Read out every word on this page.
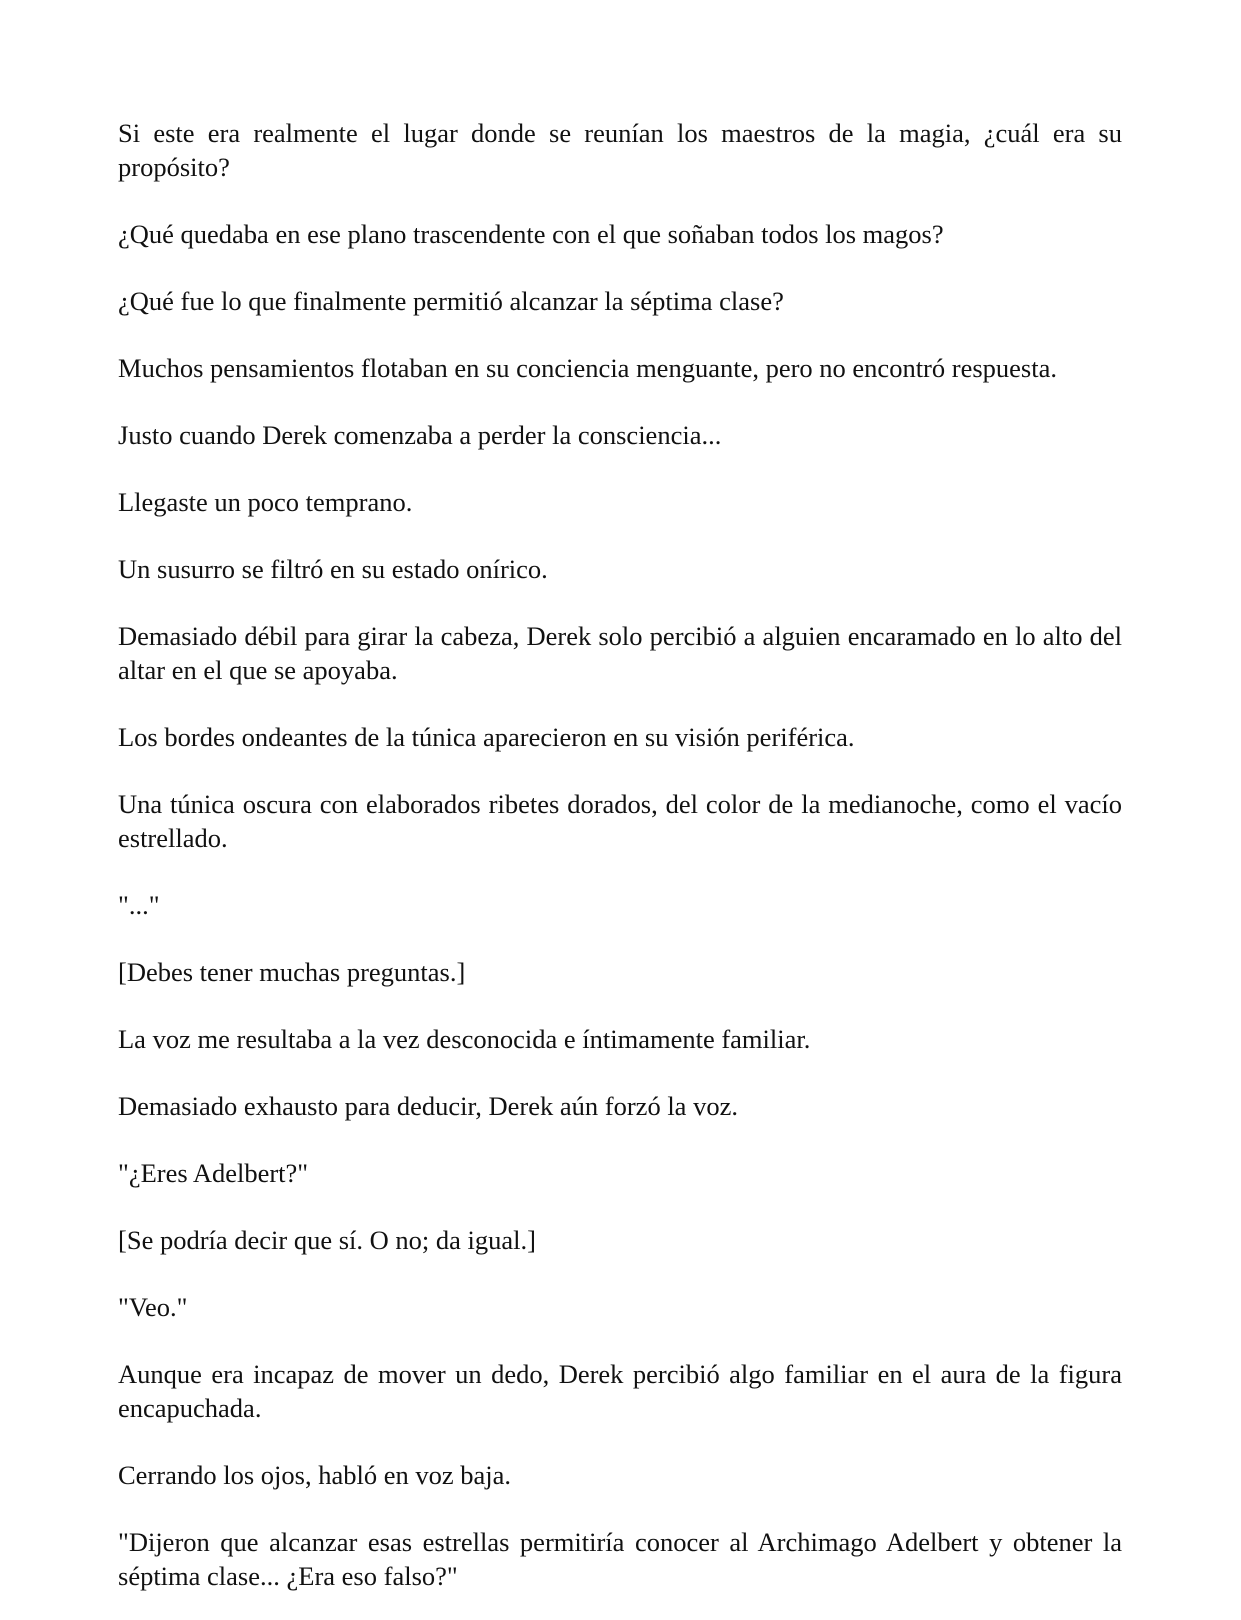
Si este era realmente el lugar donde se reunían los maestros de la magia, ¿cuál era su propósito?

¿Qué quedaba en ese plano trascendente con el que soñaban todos los magos?

¿Qué fue lo que finalmente permitió alcanzar la séptima clase?

Muchos pensamientos flotaban en su conciencia menguante, pero no encontró respuesta.

Justo cuando Derek comenzaba a perder la consciencia...

Llegaste un poco temprano.

Un susurro se filtró en su estado onírico.

Demasiado débil para girar la cabeza, Derek solo percibió a alguien encaramado en lo alto del altar en el que se apoyaba.

Los bordes ondeantes de la túnica aparecieron en su visión periférica.

Una túnica oscura con elaborados ribetes dorados, del color de la medianoche, como el vacío estrellado.

"..."

[Debes tener muchas preguntas.]

La voz me resultaba a la vez desconocida e íntimamente familiar.

Demasiado exhausto para deducir, Derek aún forzó la voz.

"¿Eres Adelbert?"

[Se podría decir que sí. O no; da igual.]

"Veo."

Aunque era incapaz de mover un dedo, Derek percibió algo familiar en el aura de la figura encapuchada.

Cerrando los ojos, habló en voz baja.

"Dijeron que alcanzar esas estrellas permitiría conocer al Archimago Adelbert y obtener la séptima clase... ¿Era eso falso?"
